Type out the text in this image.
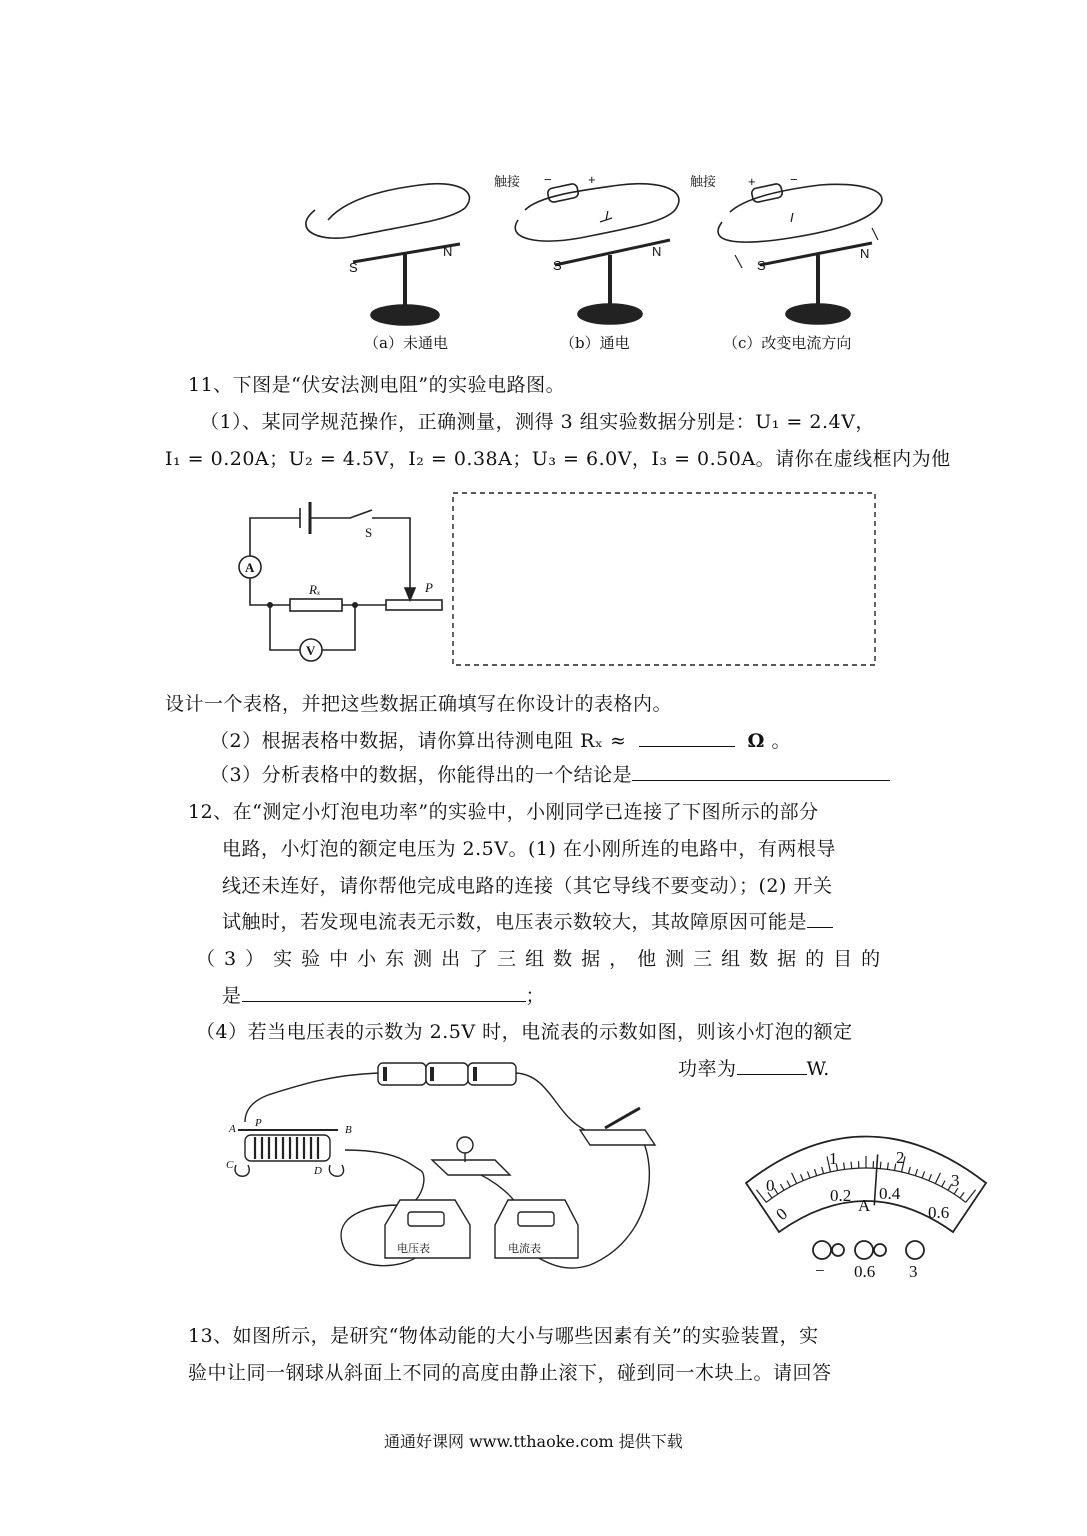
触接 −	+
I
S
N
S
N
触接 +	−
I
S
N
（a）未通电	（b）通电	（c）改变电流方向
11、下图是“伏安法测电阻”的实验电路图。
（1）、某同学规范操作，正确测量，测得 3 组实验数据分别是：U₁ = 2.4V，
I₁ = 0.20A；U₂ = 4.5V，I₂ = 0.38A；U₃ = 6.0V，I₃ = 0.50A。请你在虚线框内为他
S
A
Rₓ	P
V
设计一个表格，并把这些数据正确填写在你设计的表格内。
（2）根据表格中数据，请你算出待测电阻 Rₓ ≈	Ω 。
（3）分析表格中的数据，你能得出的一个结论是
12、在“测定小灯泡电功率”的实验中，小刚同学已连接了下图所示的部分
电路，小灯泡的额定电压为 2.5V。(1) 在小刚所连的电路中，有两根导
线还未连好，请你帮他完成电路的连接（其它导线不要变动）；(2) 开关
试触时，若发现电流表无示数，电压表示数较大，其故障原因可能是
（3）实验中小东测出了三组数据，他测三组数据的目的
是	；
（4）若当电压表的示数为 2.5V 时，电流表的示数如图，则该小灯泡的额定
功率为	W.
A P
B
C	D
电压表	电流表
0
1	2
3
0
0.2 0.4
0.6
A
− 0.6 3
13、如图所示，是研究“物体动能的大小与哪些因素有关”的实验装置，实
验中让同一钢球从斜面上不同的高度由静止滚下，碰到同一木块上。请回答
通通好课网 www.tthaoke.com 提供下载
